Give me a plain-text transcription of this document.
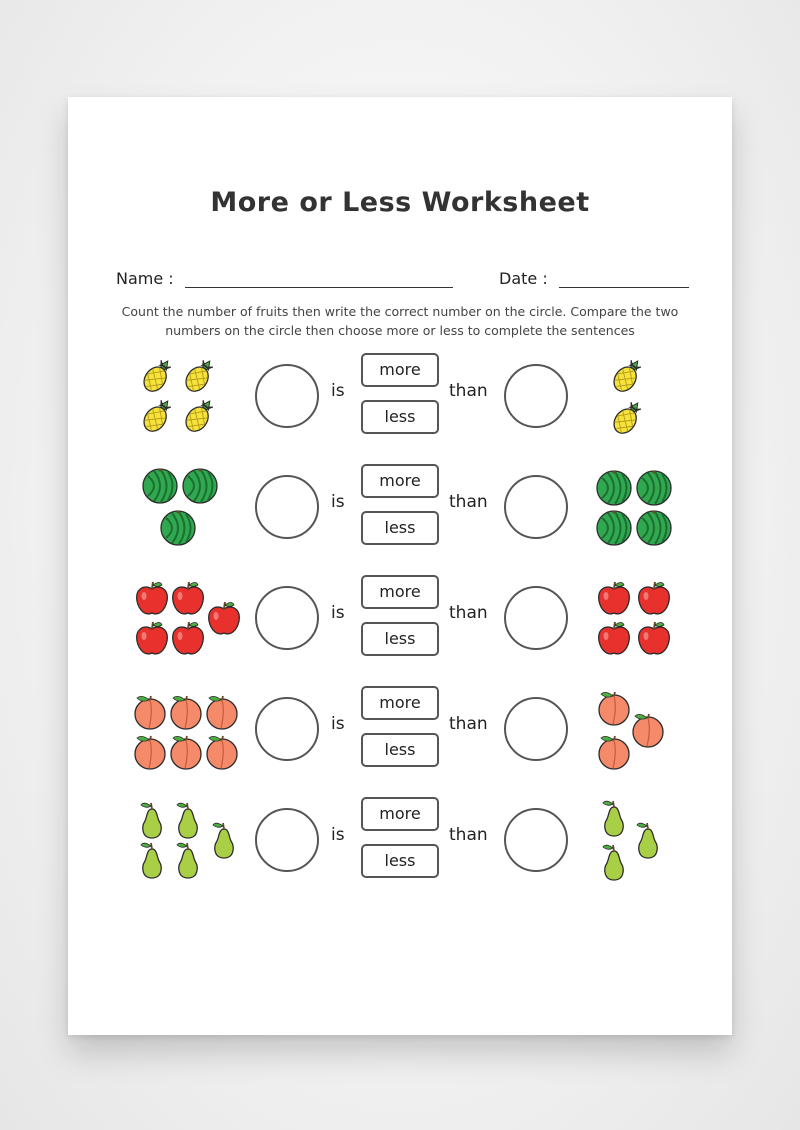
More or Less Worksheet
Name :	Date :
Count the number of fruits then write the correct number on the circle. Compare the two numbers on the circle then choose more or less to complete the sentences
is
more
less
than
is
more
less
than
is
more
less
than
is
more
less
than
is
more
less
than
